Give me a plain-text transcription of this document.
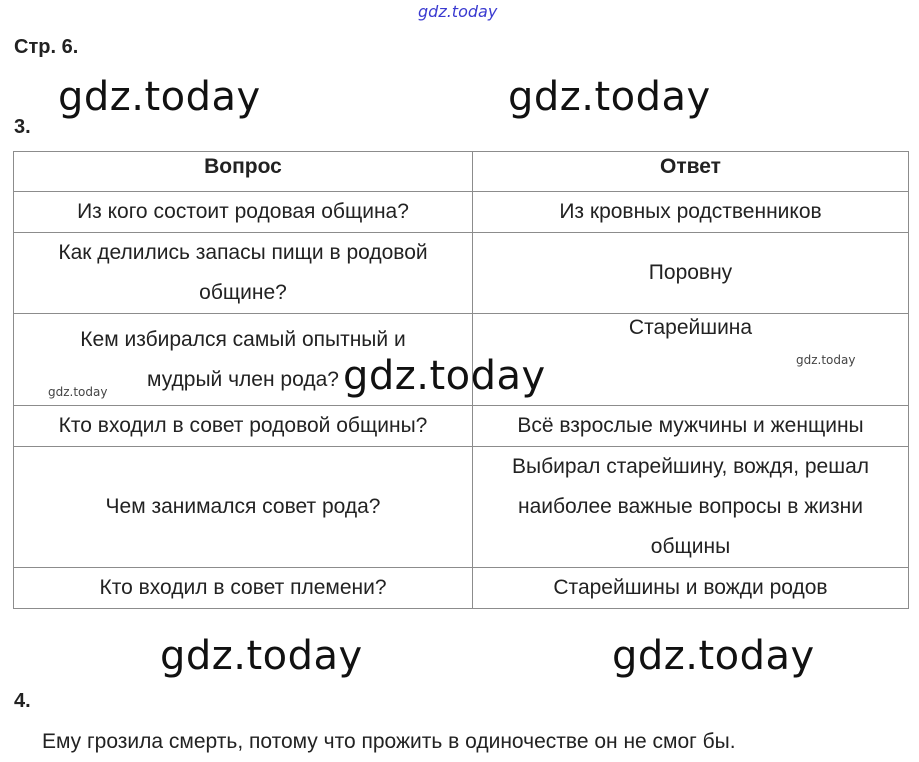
gdz.today
Стр. 6.
gdz.today	gdz.today
3.
Вопрос	Ответ
Из кого состоит родовая община?	Из кровных родственников
Как делились запасы пищи в родовой общине?	Поровну
Кем избирался самый опытный и мудрый член рода?	Старейшина
Кто входил в совет родовой общины?	Всё взрослые мужчины и женщины
Чем занимался совет рода?	Выбирал старейшину, вождя, решал наиболее важные вопросы в жизни общины
Кто входил в совет племени?	Старейшины и вожди родов
gdz.today	gdz.today
gdz.today
gdz.today	gdz.today
4.
Ему грозила смерть, потому что прожить в одиночестве он не смог бы.
